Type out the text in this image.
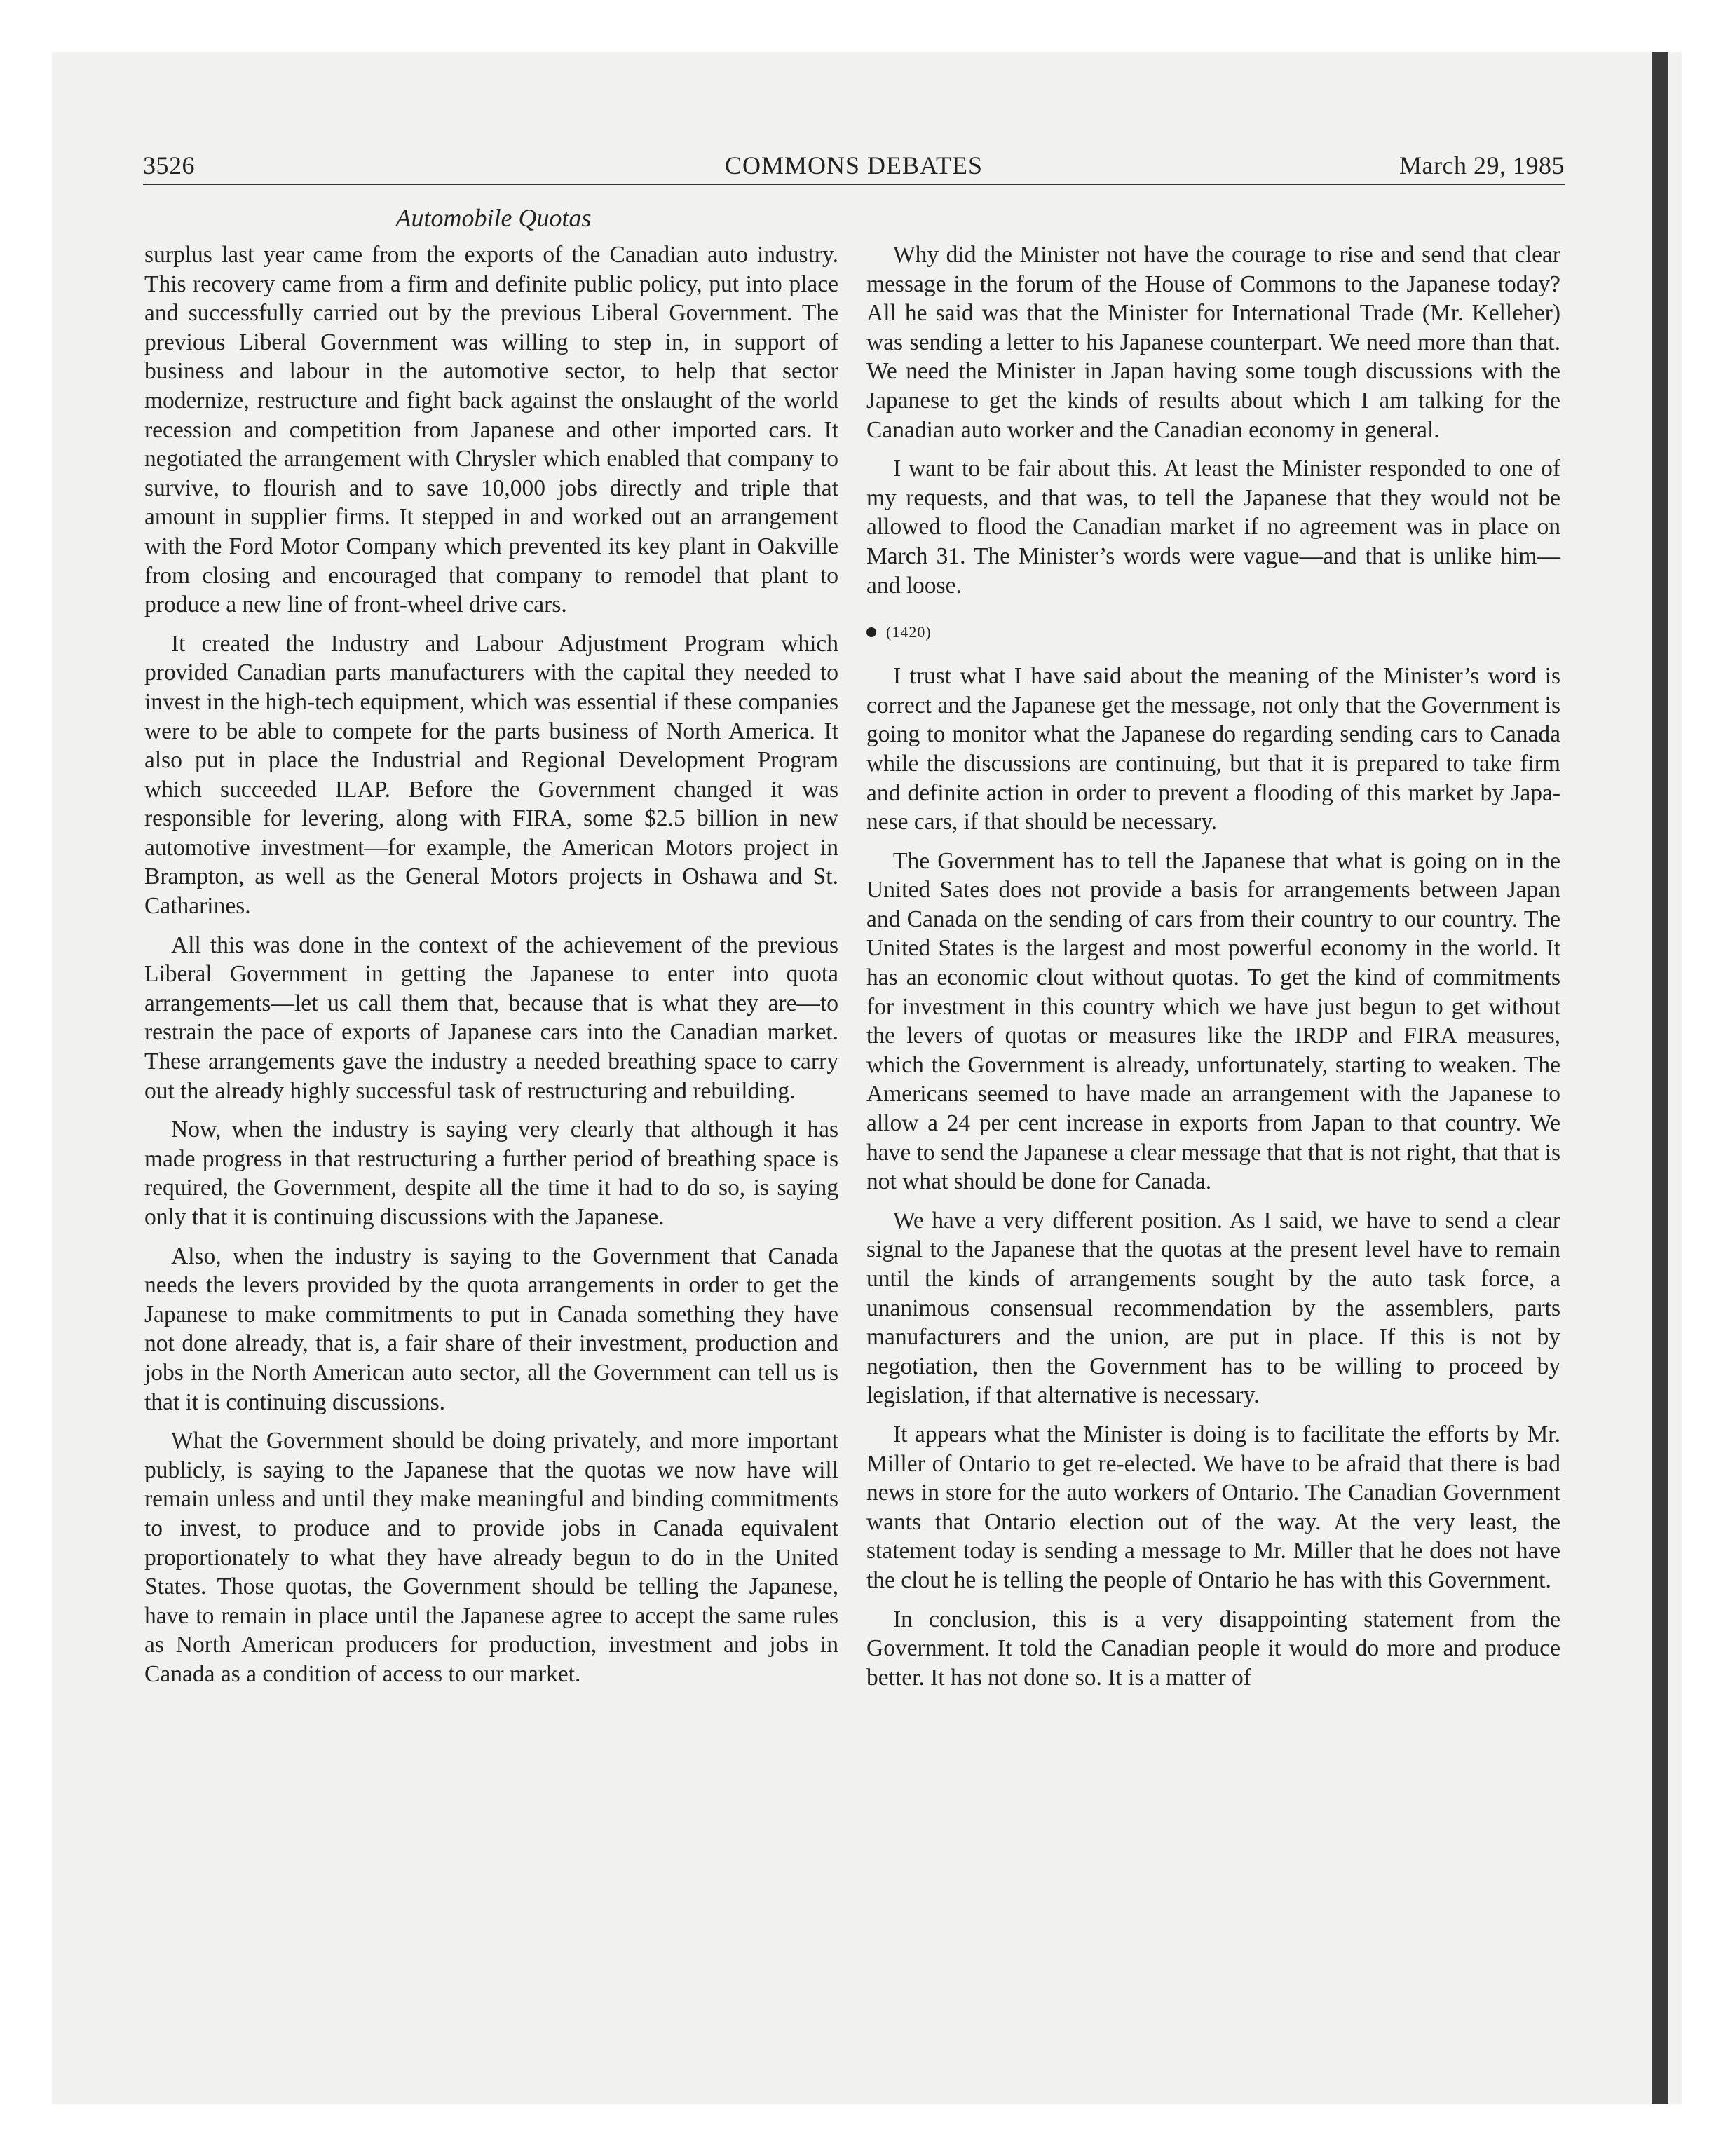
3526	COMMONS DEBATES	March 29, 1985
Automobile Quotas

surplus last year came from the exports of the Canadian auto industry. This recovery came from a firm and definite public policy, put into place and successfully carried out by the previous Liberal Government. The previous Liberal Government was willing to step in, in support of business and labour in the automotive sector, to help that sector modernize, restructure and fight back against the onslaught of the world recession and competition from Japanese and other imported cars. It negotiated the arrangement with Chrysler which enabled that company to survive, to flourish and to save 10,000 jobs directly and triple that amount in supplier firms. It stepped in and worked out an arrangement with the Ford Motor Company which prevented its key plant in Oakville from closing and encouraged that company to remodel that plant to produce a new line of front-wheel drive cars.

It created the Industry and Labour Adjustment Program which provided Canadian parts manufacturers with the capital they needed to invest in the high-tech equipment, which was essential if these companies were to be able to compete for the parts business of North America. It also put in place the Industrial and Regional Development Program which succeeded ILAP. Before the Government changed it was responsible for levering, along with FIRA, some $2.5 billion in new automotive investment—for example, the American Motors project in Brampton, as well as the General Motors projects in Oshawa and St. Catharines.

All this was done in the context of the achievement of the previous Liberal Government in getting the Japanese to enter into quota arrangements—let us call them that, because that is what they are—to restrain the pace of exports of Japanese cars into the Canadian market. These arrangements gave the industry a needed breathing space to carry out the already highly successful task of restructuring and rebuilding.

Now, when the industry is saying very clearly that although it has made progress in that restructuring a further period of breathing space is required, the Government, despite all the time it had to do so, is saying only that it is continuing discussions with the Japanese.

Also, when the industry is saying to the Government that Canada needs the levers provided by the quota arrangements in order to get the Japanese to make commitments to put in Canada something they have not done already, that is, a fair share of their investment, production and jobs in the North American auto sector, all the Government can tell us is that it is continuing discussions.

What the Government should be doing privately, and more important publicly, is saying to the Japanese that the quotas we now have will remain unless and until they make meaningful and binding commitments to invest, to produce and to provide jobs in Canada equivalent proportionately to what they have already begun to do in the United States. Those quotas, the Government should be telling the Japanese, have to remain in place until the Japanese agree to accept the same rules as North American producers for production, investment and jobs in Canada as a condition of access to our market.

Why did the Minister not have the courage to rise and send that clear message in the forum of the House of Commons to the Japanese today? All he said was that the Minister for International Trade (Mr. Kelleher) was sending a letter to his Japanese counterpart. We need more than that. We need the Minister in Japan having some tough discussions with the Japanese to get the kinds of results about which I am talking for the Canadian auto worker and the Canadian economy in general.

I want to be fair about this. At least the Minister responded to one of my requests, and that was, to tell the Japanese that they would not be allowed to flood the Canadian market if no agreement was in place on March 31. The Minister’s words were vague—and that is unlike him—and loose.

(1420)

I trust what I have said about the meaning of the Minister’s word is correct and the Japanese get the message, not only that the Government is going to monitor what the Japanese do regarding sending cars to Canada while the discussions are continuing, but that it is prepared to take firm and definite action in order to prevent a flooding of this market by Japanese cars, if that should be necessary.

The Government has to tell the Japanese that what is going on in the United Sates does not provide a basis for arrangements between Japan and Canada on the sending of cars from their country to our country. The United States is the largest and most powerful economy in the world. It has an economic clout without quotas. To get the kind of commitments for investment in this country which we have just begun to get without the levers of quotas or measures like the IRDP and FIRA measures, which the Government is already, unfortunately, starting to weaken. The Americans seemed to have made an arrangement with the Japanese to allow a 24 per cent increase in exports from Japan to that country. We have to send the Japanese a clear message that that is not right, that that is not what should be done for Canada.

We have a very different position. As I said, we have to send a clear signal to the Japanese that the quotas at the present level have to remain until the kinds of arrangements sought by the auto task force, a unanimous consensual recommendation by the assemblers, parts manufacturers and the union, are put in place. If this is not by negotiation, then the Government has to be willing to proceed by legislation, if that alternative is necessary.

It appears what the Minister is doing is to facilitate the efforts by Mr. Miller of Ontario to get re-elected. We have to be afraid that there is bad news in store for the auto workers of Ontario. The Canadian Government wants that Ontario election out of the way. At the very least, the statement today is sending a message to Mr. Miller that he does not have the clout he is telling the people of Ontario he has with this Government.

In conclusion, this is a very disappointing statement from the Government. It told the Canadian people it would do more and produce better. It has not done so. It is a matter of
